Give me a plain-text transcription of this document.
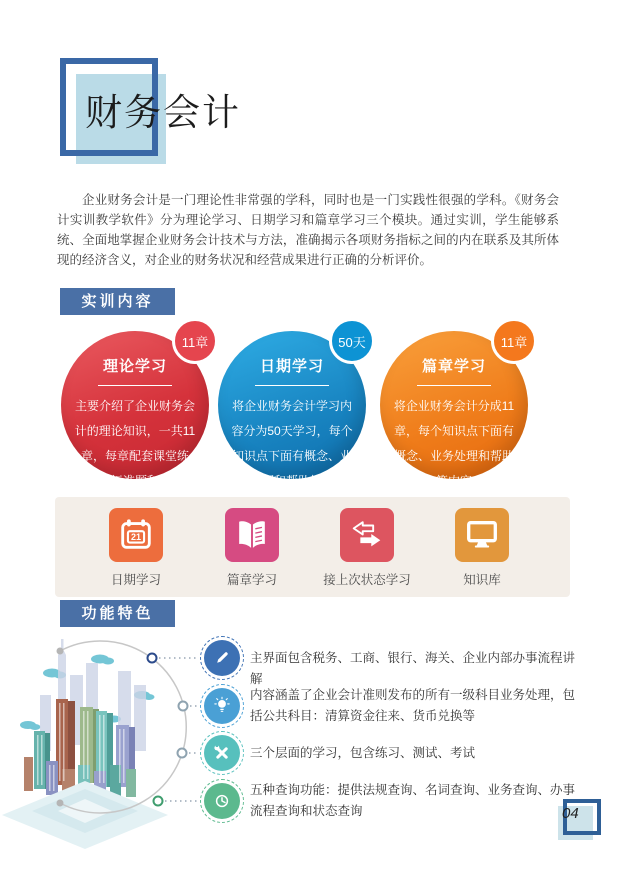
财务会计

企业财务会计是一门理论性非常强的学科，同时也是一门实践性很强的学科。《财务会计实训教学软件》分为理论学习、日期学习和篇章学习三个模块。通过实训，学生能够系统、全面地掌握企业财务会计技术与方法，准确揭示各项财务指标之间的内在联系及其所体现的经济含义，对企业的财务状况和经营成果进行正确的分析评价。

实训内容
11章
理论学习
主要介绍了企业财务会计的理论知识，一共11章，每章配套课堂练习，有标准题和实操题
50天
日期学习
将企业财务会计学习内容分为50天学习，每个知识点下面有概念、业务处理和帮助等内容
11章
篇章学习
将企业财务会计分成11章，每个知识点下面有概念、业务处理和帮助等内容
21
日期学习	篇章学习	接上次状态学习	知识库
功能特色
主界面包含税务、工商、银行、海关、企业内部办事流程讲解
内容涵盖了企业会计准则发布的所有一级科目业务处理，包括公共科目：清算资金往来、货币兑换等
三个层面的学习，包含练习、测试、考试
五种查询功能：提供法规查询、名词查询、业务查询、办事流程查询和状态查询	04
